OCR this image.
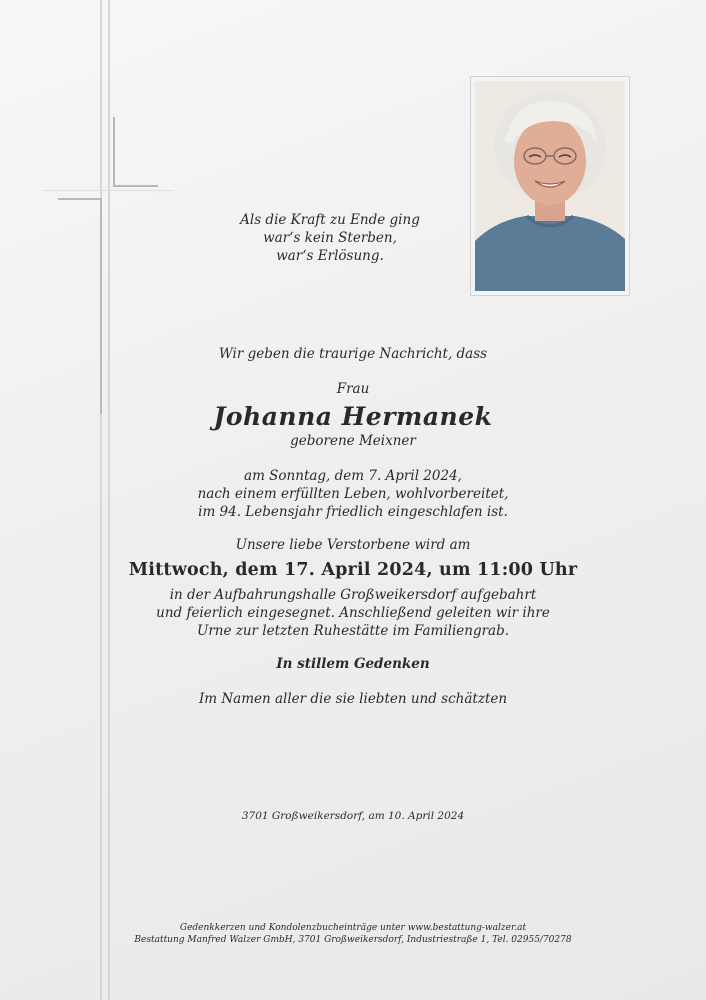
Als die Kraft zu Ende ging
war‘s kein Sterben,
war‘s Erlösung.
Wir geben die traurige Nachricht, dass
Frau
Johanna Hermanek
geborene Meixner
am Sonntag, dem 7. April 2024,
nach einem erfüllten Leben, wohlvorbereitet,
im 94. Lebensjahr friedlich eingeschlafen ist.
Unsere liebe Verstorbene wird am
Mittwoch, dem 17. April 2024, um 11:00 Uhr
in der Aufbahrungshalle Großweikersdorf aufgebahrt
und feierlich eingesegnet. Anschließend geleiten wir ihre
Urne zur letzten Ruhestätte im Familiengrab.
In stillem Gedenken
Im Namen aller die sie liebten und schätzten
3701 Großweikersdorf, am 10. April 2024
Gedenkkerzen und Kondolenzbucheinträge unter www.bestattung-walzer.at
Bestattung Manfred Walzer GmbH, 3701 Großweikersdorf, Industriestraße 1, Tel. 02955/70278
